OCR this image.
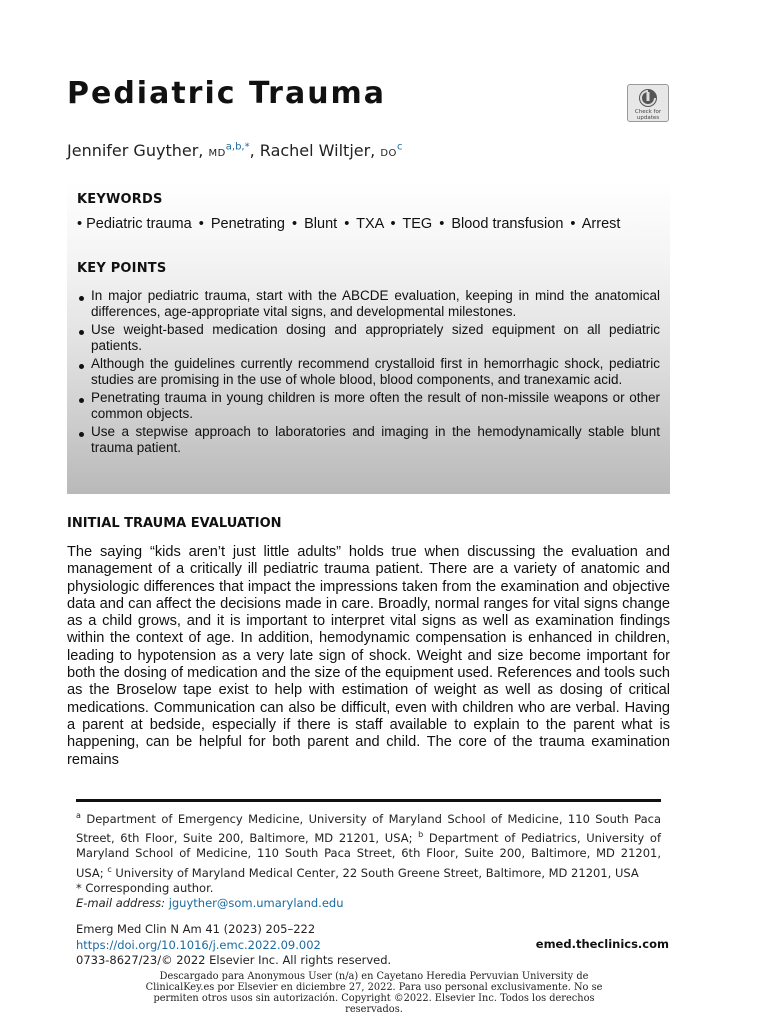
Pediatric Trauma
Check for
updates
Jennifer Guyther, $MD^{a,b,*}$, Rachel Wiltjer, $DO^c$
KEYWORDS
• Pediatric trauma • Penetrating • Blunt • TXA • TEG • Blood transfusion • Arrest
KEY POINTS
In major pediatric trauma, start with the ABCDE evaluation, keeping in mind the anatomical differences, age-appropriate vital signs, and developmental milestones.
Use weight-based medication dosing and appropriately sized equipment on all pediatric patients.
Although the guidelines currently recommend crystalloid first in hemorrhagic shock, pediatric studies are promising in the use of whole blood, blood components, and tranexamic acid.
Penetrating trauma in young children is more often the result of non-missile weapons or other common objects.
Use a stepwise approach to laboratories and imaging in the hemodynamically stable blunt trauma patient.
INITIAL TRAUMA EVALUATION

The saying “kids aren’t just little adults” holds true when discussing the evaluation and management of a critically ill pediatric trauma patient. There are a variety of anatomic and physiologic differences that impact the impressions taken from the examination and objective data and can affect the decisions made in care. Broadly, normal ranges for vital signs change as a child grows, and it is important to interpret vital signs as well as examination findings within the context of age. In addition, hemodynamic compensation is enhanced in children, leading to hypotension as a very late sign of shock. Weight and size become important for both the dosing of medication and the size of the equipment used. References and tools such as the Broselow tape exist to help with estimation of weight as well as dosing of critical medications. Communication can also be difficult, even with children who are verbal. Having a parent at bedside, especially if there is staff available to explain to the parent what is happening, can be helpful for both parent and child. The core of the trauma examination remains

$^a$ Department of Emergency Medicine, University of Maryland School of Medicine, 110 South Paca Street, 6th Floor, Suite 200, Baltimore, MD 21201, USA; $^b$ Department of Pediatrics, University of Maryland School of Medicine, 110 South Paca Street, 6th Floor, Suite 200, Baltimore, MD 21201, USA; $^c$ University of Maryland Medical Center, 22 South Greene Street, Baltimore, MD 21201, USA
* Corresponding author.
E-mail address: jguyther@som.umaryland.edu
Emerg Med Clin N Am 41 (2023) 205–222
https://doi.org/10.1016/j.emc.2022.09.002
0733-8627/23/© 2022 Elsevier Inc. All rights reserved.
emed.theclinics.com

Descargado para Anonymous User (n/a) en Cayetano Heredia Pervuvian University de ClinicalKey.es por Elsevier en diciembre 27, 2022. Para uso personal exclusivamente. No se permiten otros usos sin autorización. Copyright ©2022. Elsevier Inc. Todos los derechos reservados.
